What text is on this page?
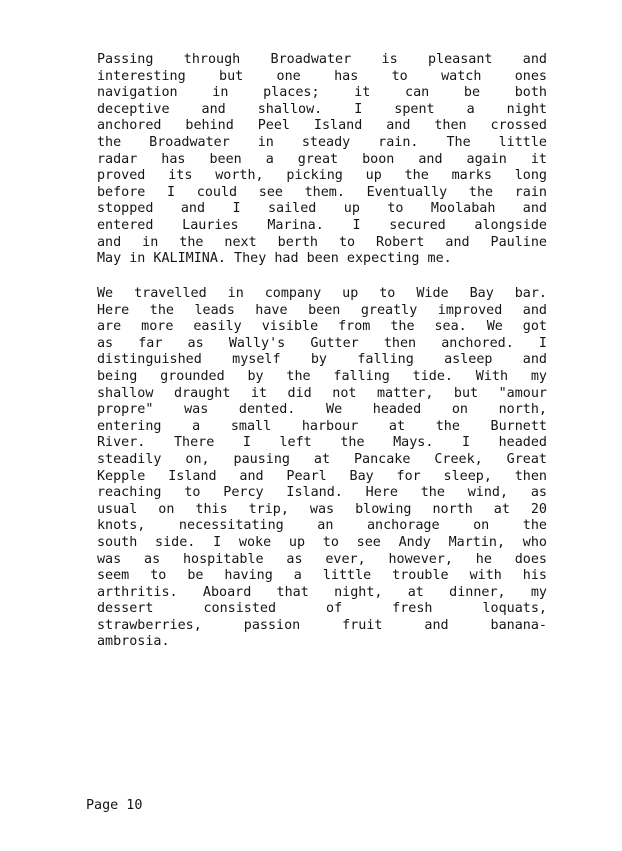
Passing through Broadwater is pleasant and
interesting but one has to watch ones
navigation in places; it can be both
deceptive and shallow. I spent a night
anchored behind Peel Island and then crossed
the Broadwater in steady rain. The little
radar has been a great boon and again it
proved its worth, picking up the marks long
before I could see them. Eventually the rain
stopped and I sailed up to Moolabah and
entered Lauries Marina. I secured alongside
and in the next berth to Robert and Pauline
May in KALIMINA. They had been expecting me.
We travelled in company up to Wide Bay bar.
Here the leads have been greatly improved and
are more easily visible from the sea. We got
as far as Wally's Gutter then anchored. I
distinguished myself by falling asleep and
being grounded by the falling tide. With my
shallow draught it did not matter, but "amour
propre" was dented. We headed on north,
entering a small harbour at the Burnett
River. There I left the Mays. I headed
steadily on, pausing at Pancake Creek, Great
Kepple Island and Pearl Bay for sleep, then
reaching to Percy Island. Here the wind, as
usual on this trip, was blowing north at 20
knots, necessitating an anchorage on the
south side. I woke up to see Andy Martin, who
was as hospitable as ever, however, he does
seem to be having a little trouble with his
arthritis. Aboard that night, at dinner, my
dessert consisted of fresh loquats,
strawberries, passion fruit and banana-
ambrosia.

Page 10
